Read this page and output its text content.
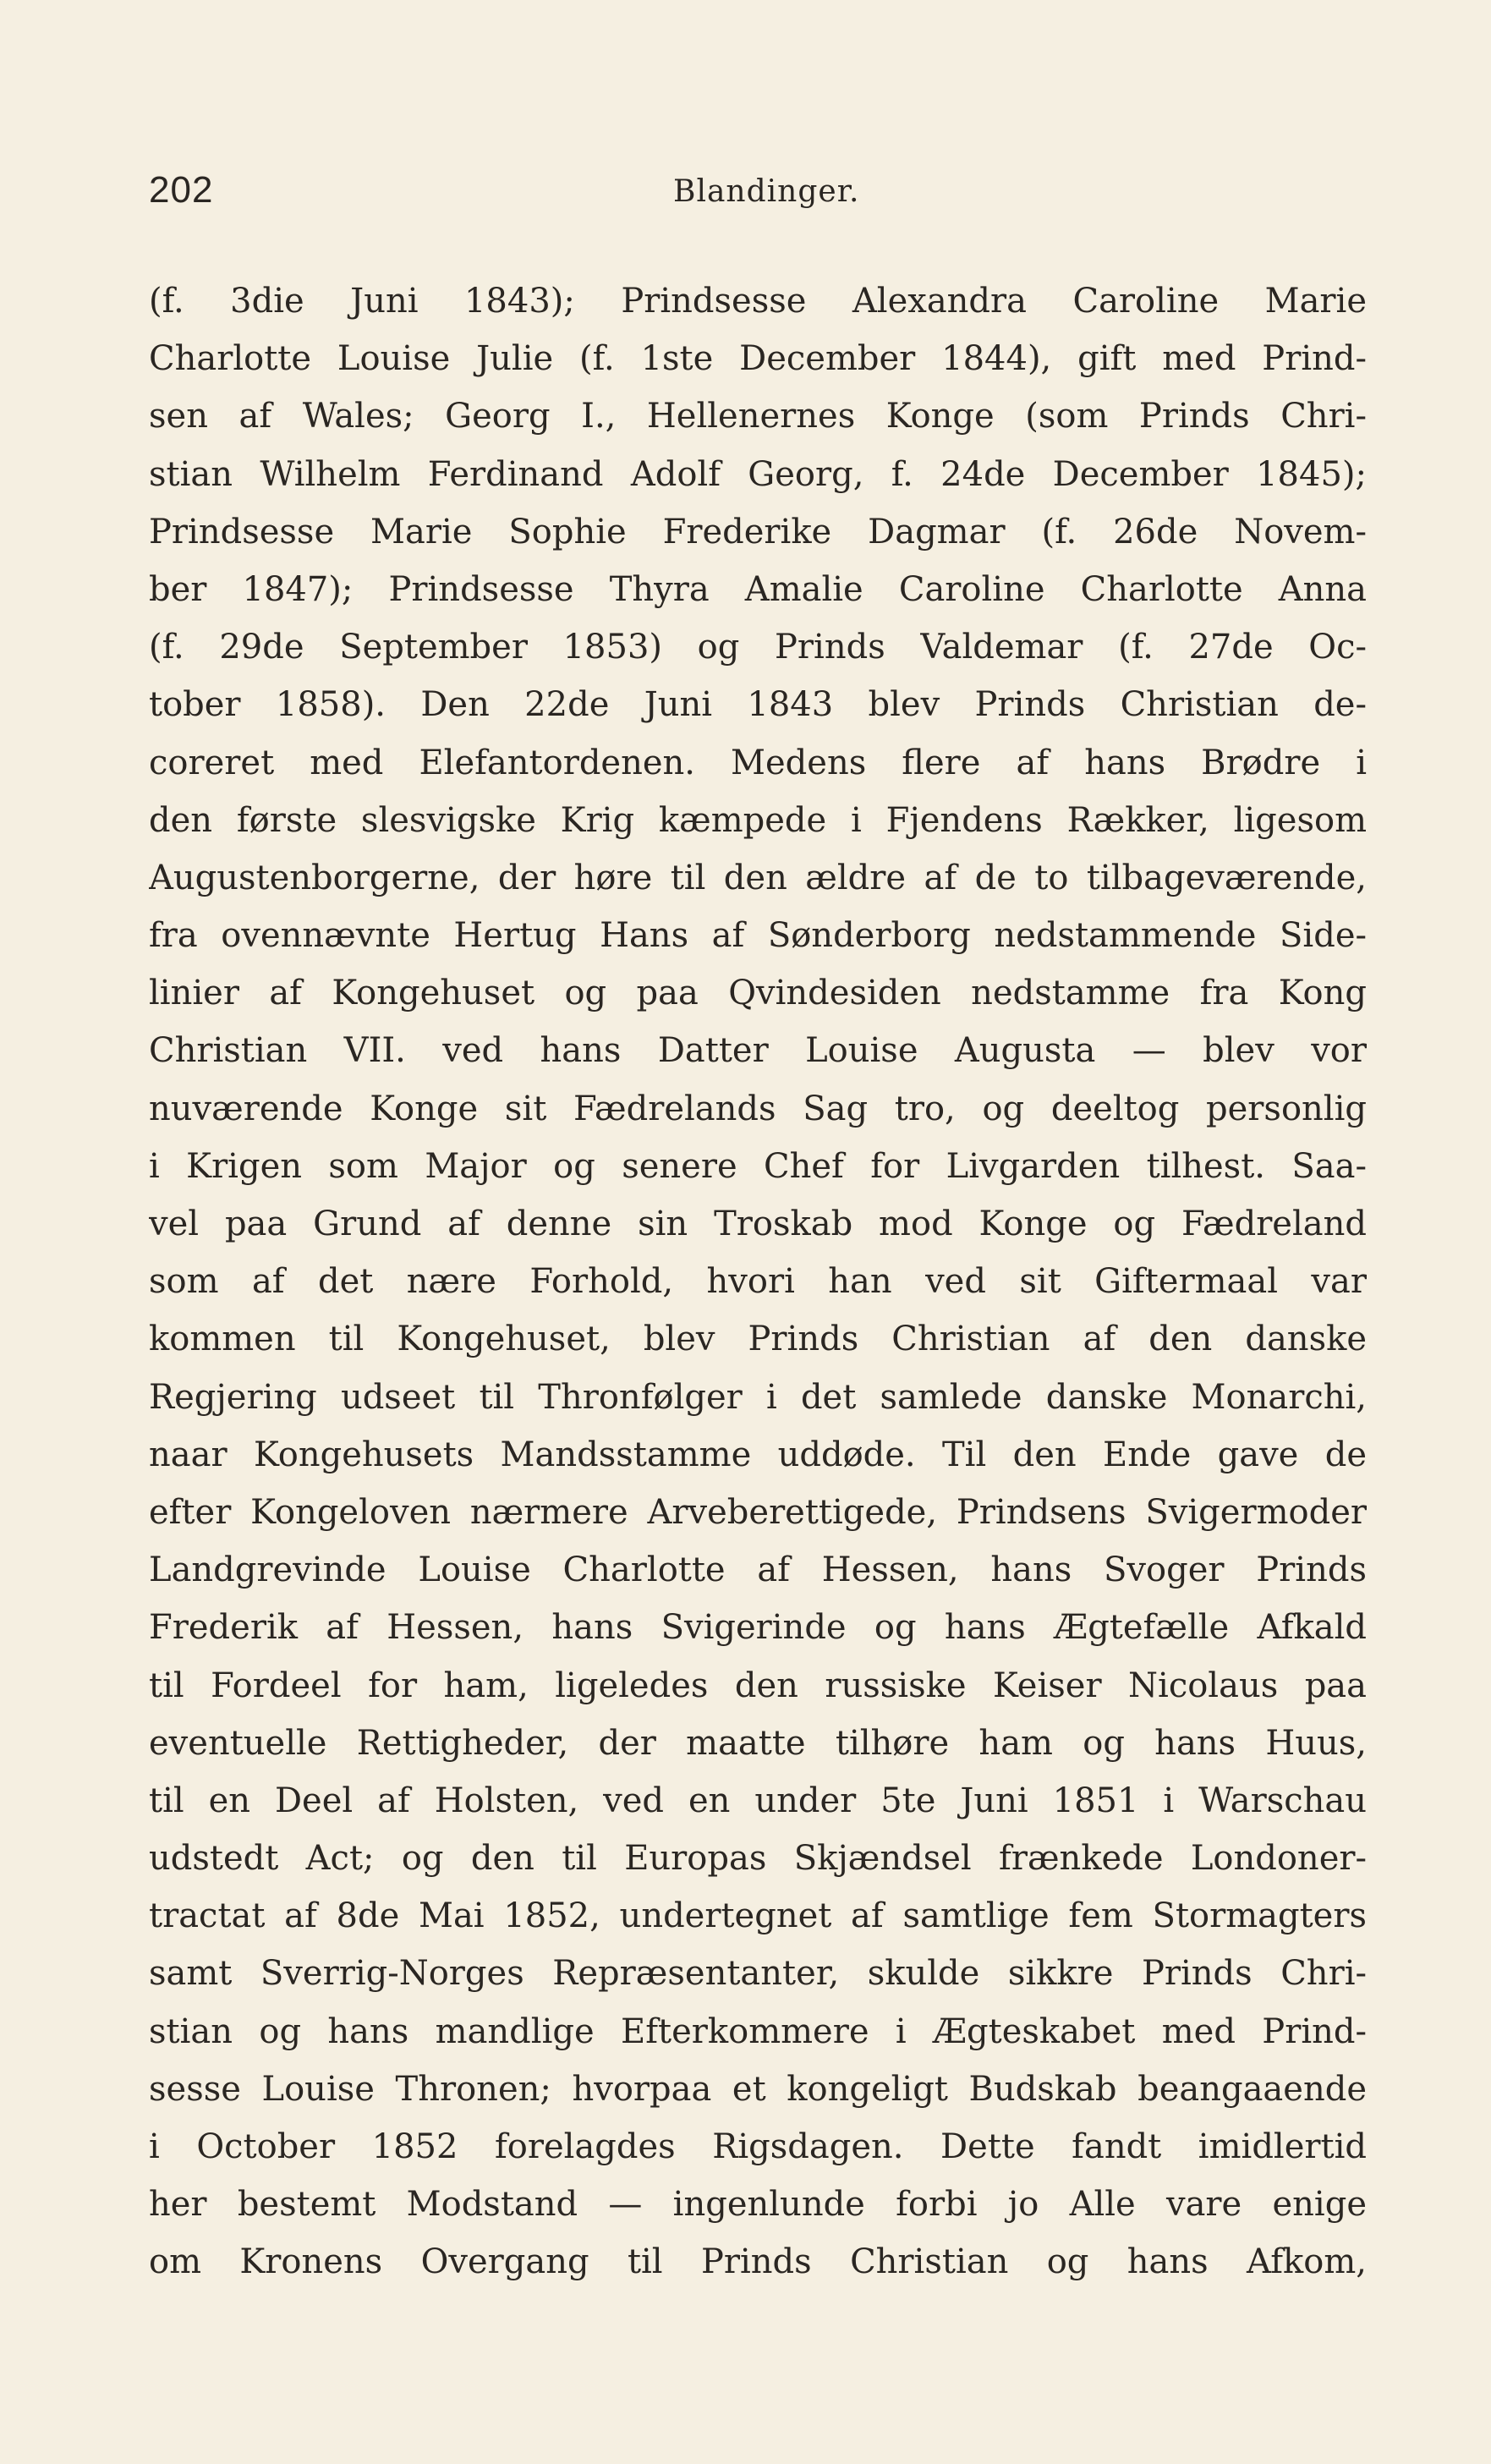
202	Blandinger.
(f. 3die Juni 1843); Prindsesse Alexandra Caroline Marie
Charlotte Louise Julie (f. 1ste December 1844), gift med Prind-
sen af Wales; Georg I., Hellenernes Konge (som Prinds Chri-
stian Wilhelm Ferdinand Adolf Georg, f. 24de December 1845);
Prindsesse Marie Sophie Frederike Dagmar (f. 26de Novem-
ber 1847); Prindsesse Thyra Amalie Caroline Charlotte Anna
(f. 29de September 1853) og Prinds Valdemar (f. 27de Oc-
tober 1858). Den 22de Juni 1843 blev Prinds Christian de-
coreret med Elefantordenen. Medens flere af hans Brødre i
den første slesvigske Krig kæmpede i Fjendens Rækker, ligesom
Augustenborgerne, der høre til den ældre af de to tilbageværende,
fra ovennævnte Hertug Hans af Sønderborg nedstammende Side-
linier af Kongehuset og paa Qvindesiden nedstamme fra Kong
Christian VII. ved hans Datter Louise Augusta — blev vor
nuværende Konge sit Fædrelands Sag tro, og deeltog personlig
i Krigen som Major og senere Chef for Livgarden tilhest. Saa-
vel paa Grund af denne sin Troskab mod Konge og Fædreland
som af det nære Forhold, hvori han ved sit Giftermaal var
kommen til Kongehuset, blev Prinds Christian af den danske
Regjering udseet til Thronfølger i det samlede danske Monarchi,
naar Kongehusets Mandsstamme uddøde. Til den Ende gave de
efter Kongeloven nærmere Arveberettigede, Prindsens Svigermoder
Landgrevinde Louise Charlotte af Hessen, hans Svoger Prinds
Frederik af Hessen, hans Svigerinde og hans Ægtefælle Afkald
til Fordeel for ham, ligeledes den russiske Keiser Nicolaus paa
eventuelle Rettigheder, der maatte tilhøre ham og hans Huus,
til en Deel af Holsten, ved en under 5te Juni 1851 i Warschau
udstedt Act; og den til Europas Skjændsel frænkede Londoner-
tractat af 8de Mai 1852, undertegnet af samtlige fem Stormagters
samt Sverrig-Norges Repræsentanter, skulde sikkre Prinds Chri-
stian og hans mandlige Efterkommere i Ægteskabet med Prind-
sesse Louise Thronen; hvorpaa et kongeligt Budskab beangaaende
i October 1852 forelagdes Rigsdagen. Dette fandt imidlertid
her bestemt Modstand — ingenlunde forbi jo Alle vare enige
om Kronens Overgang til Prinds Christian og hans Afkom,
